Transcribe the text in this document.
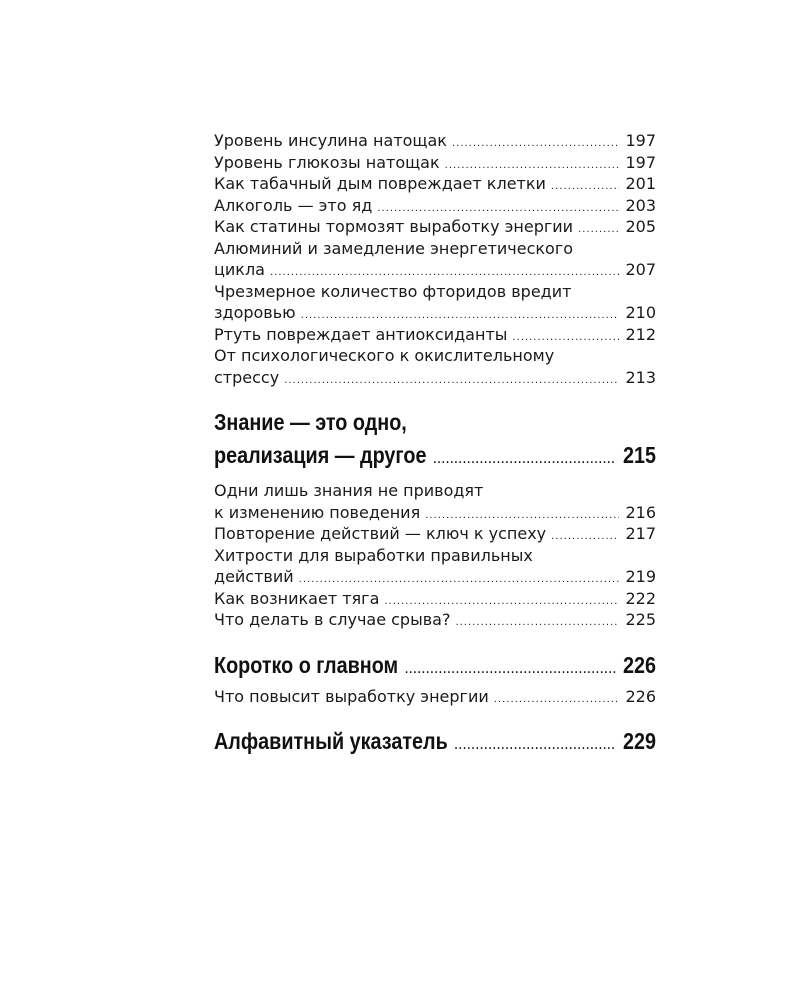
Уровень инсулина натощак .....	197
Уровень глюкозы натощак .....	197
Как табачный дым повреждает клетки .....	201
Алкоголь — это яд .....	203
Как статины тормозят выработку энергии .....	205
Алюминий и замедление энергетического
цикла .....	207
Чрезмерное количество фторидов вредит
здоровью .....	210
Ртуть повреждает антиоксиданты .....	212
От психологического к окислительному
стрессу .....	213
Знание — это одно,
реализация — другое .....	215
Одни лишь знания не приводят
к изменению поведения .....	216
Повторение действий — ключ к успеху .....	217
Хитрости для выработки правильных
действий .....	219
Как возникает тяга .....	222
Что делать в случае срыва? .....	225
Коротко о главном .....	226
Что повысит выработку энергии .....	226
Алфавитный указатель .....	229
